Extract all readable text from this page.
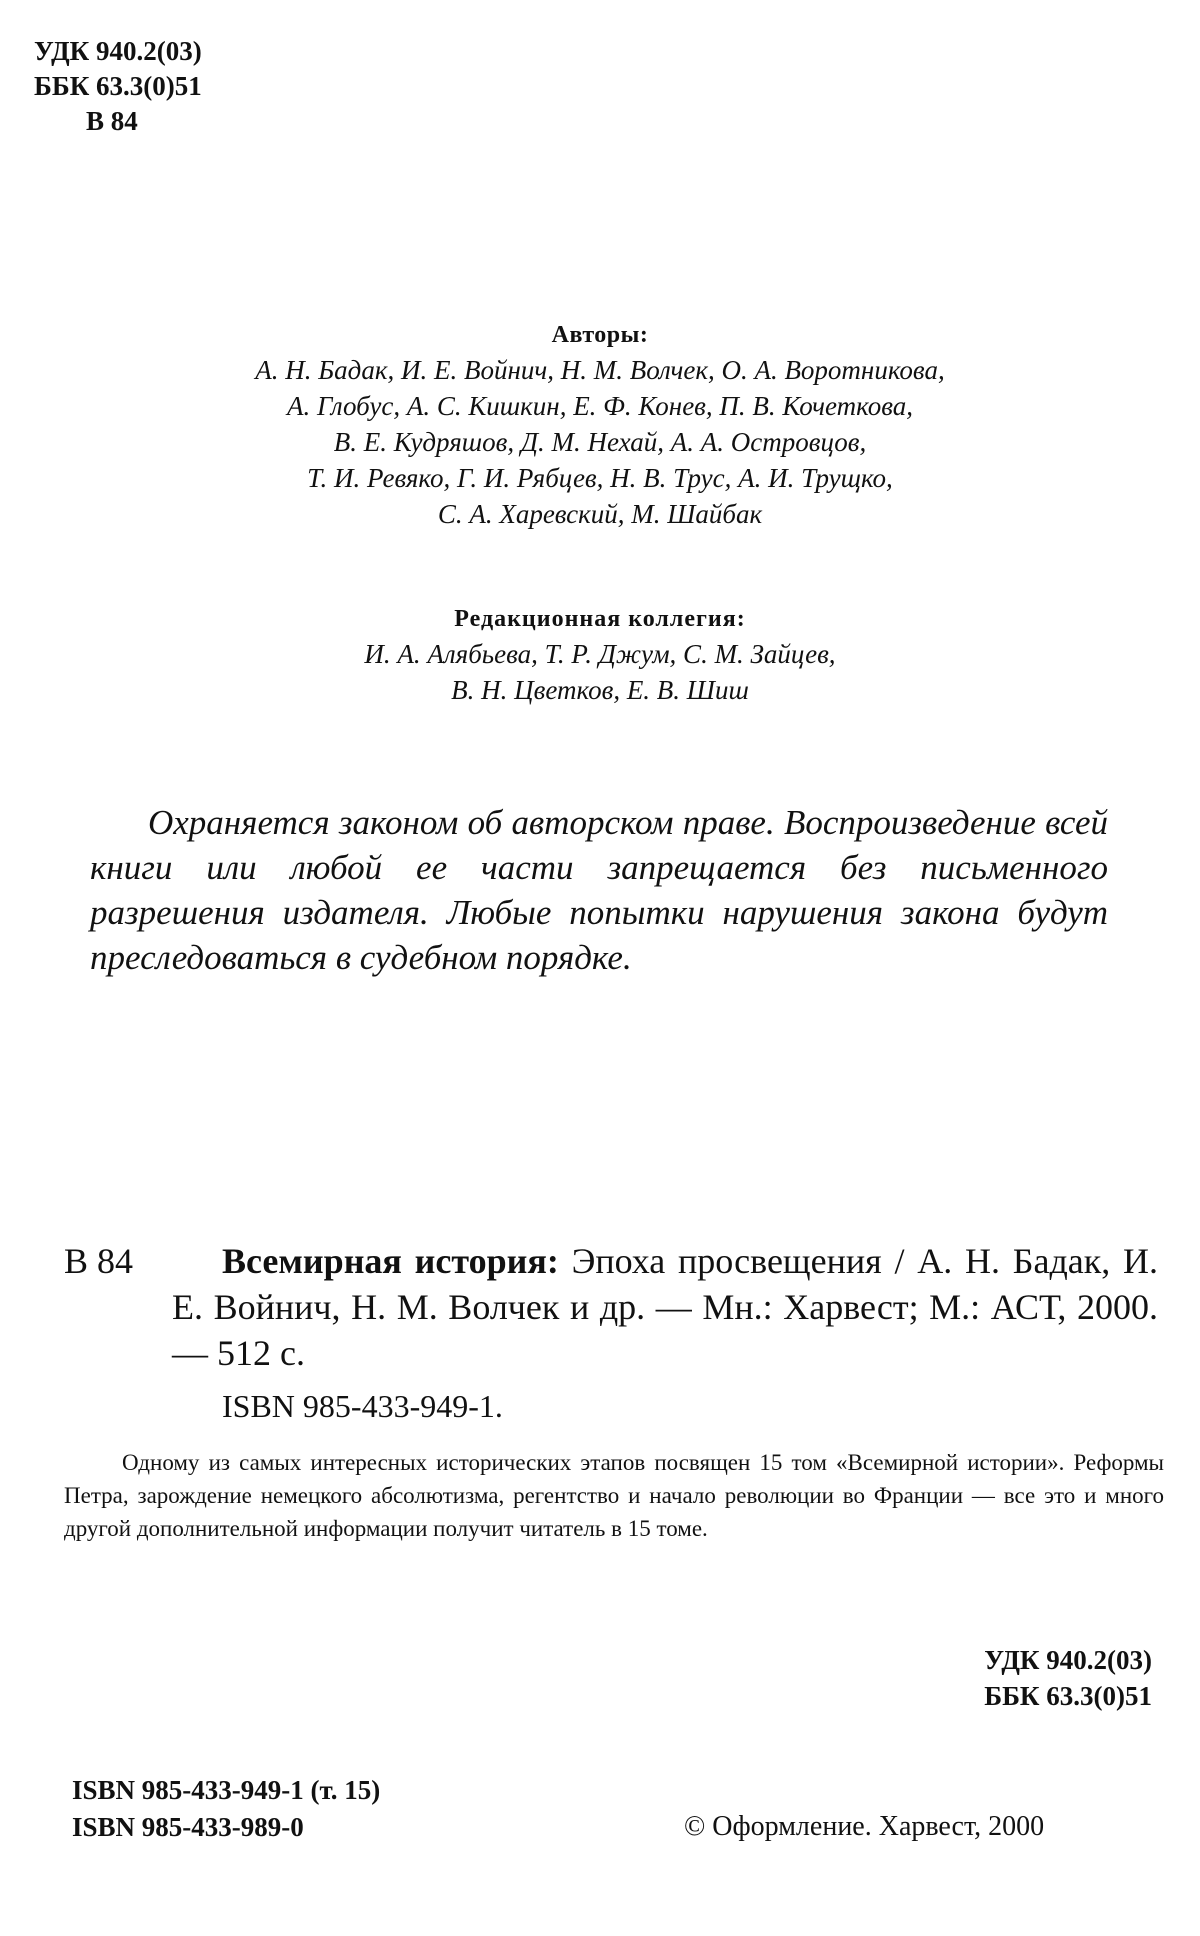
УДК 940.2(03)
ББК 63.3(0)51
В 84
Авторы:
А. Н. Бадак, И. Е. Войнич, Н. М. Волчек, О. А. Воротникова,
А. Глобус, А. С. Кишкин, Е. Ф. Конев, П. В. Кочеткова,
В. Е. Кудряшов, Д. М. Нехай, А. А. Островцов,
Т. И. Ревяко, Г. И. Рябцев, Н. В. Трус, А. И. Трущко,
С. А. Харевский, М. Шайбак
Редакционная коллегия:
И. А. Алябьева, Т. Р. Джум, С. М. Зайцев,
В. Н. Цветков, Е. В. Шиш
Охраняется законом об авторском праве. Воспроизведение всей книги или любой ее части запрещается без письменного разрешения издателя. Любые попытки нарушения закона будут преследоваться в судебном порядке.
В 84	Всемирная история: Эпоха просвещения / А. Н. Бадак, И. Е. Войнич, Н. М. Волчек и др. — Мн.: Харвест; М.: АСТ, 2000. — 512 с.
ISBN 985-433-949-1.
Одному из самых интересных исторических этапов посвящен 15 том «Всемирной истории». Реформы Петра, зарождение немецкого абсолютизма, регентство и начало революции во Франции — все это и много другой дополнительной информации получит читатель в 15 томе.
УДК 940.2(03)
ББК 63.3(0)51
ISBN 985-433-949-1 (т. 15)
ISBN 985-433-989-0	© Оформление. Харвест, 2000
